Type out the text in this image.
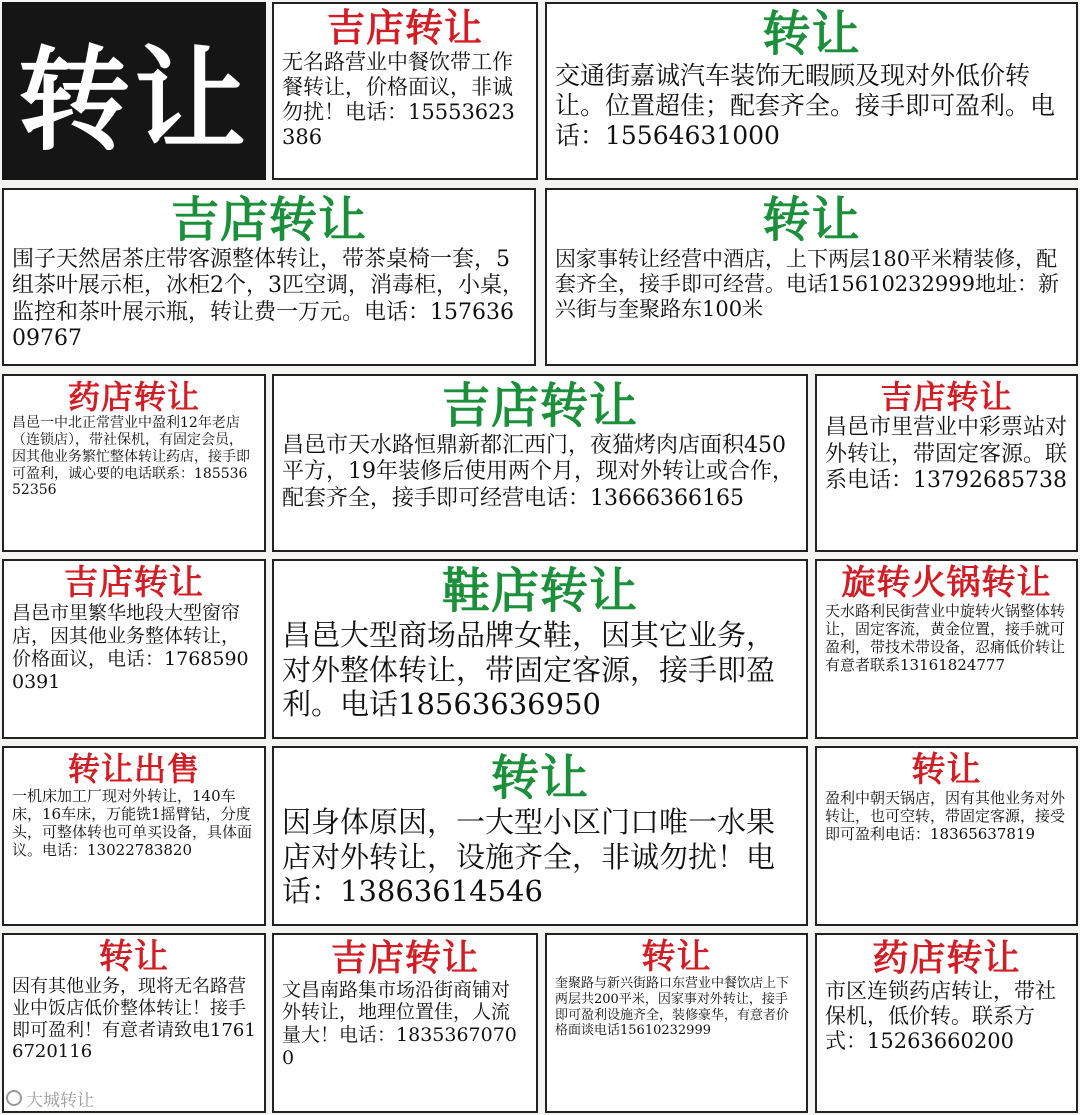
转让
吉店转让
无名路营业中餐饮带工作餐转让，价格面议，非诚勿扰！电话：15553623386
转让
交通街嘉诚汽车装饰无暇顾及现对外低价转让。位置超佳；配套齐全。接手即可盈利。电话：15564631000
吉店转让
围子天然居茶庄带客源整体转让，带茶桌椅一套，5组茶叶展示柜，冰柜2个，3匹空调，消毒柜，小桌，监控和茶叶展示瓶，转让费一万元。电话：15763609767
转让
因家事转让经营中酒店，上下两层180平米精装修，配套齐全，接手即可经营。电话15610232999地址：新兴街与奎聚路东100米
药店转让
昌邑一中北正常营业中盈利12年老店（连锁店），带社保机，有固定会员，因其他业务繁忙整体转让药店，接手即可盈利，诚心要的电话联系：18553652356
吉店转让
昌邑市天水路恒鼎新都汇西门，夜猫烤肉店面积450平方，19年装修后使用两个月，现对外转让或合作，配套齐全，接手即可经营电话：13666366165
吉店转让
昌邑市里营业中彩票站对外转让，带固定客源。联系电话：13792685738
吉店转让
昌邑市里繁华地段大型窗帘店，因其他业务整体转让，价格面议，电话：17685900391
鞋店转让
昌邑大型商场品牌女鞋，因其它业务，对外整体转让，带固定客源，接手即盈利。电话18563636950
旋转火锅转让
天水路利民街营业中旋转火锅整体转让，固定客流，黄金位置，接手就可盈利，带技术带设备，忍痛低价转让有意者联系13161824777
转让出售
一机床加工厂现对外转让，140车床，16车床，万能铣1摇臂钻，分度头，可整体转也可单买设备，具体面议。电话：13022783820
转让
因身体原因，一大型小区门口唯一水果店对外转让，设施齐全，非诚勿扰！电话：13863614546
转让
盈利中朝天锅店，因有其他业务对外转让，也可空转，带固定客源，接受即可盈利电话：18365637819
转让
因有其他业务，现将无名路营业中饭店低价整体转让！接手即可盈利！有意者请致电17616720116
吉店转让
文昌南路集市场沿街商铺对外转让，地理位置佳，人流量大！电话：18353670700
转让
奎聚路与新兴街路口东营业中餐饮店上下两层共200平米，因家事对外转让，接手即可盈利设施齐全，装修豪华，有意者价格面谈电话15610232999
药店转让
市区连锁药店转让，带社保机，低价转。联系方式：15263660200
大城转让
